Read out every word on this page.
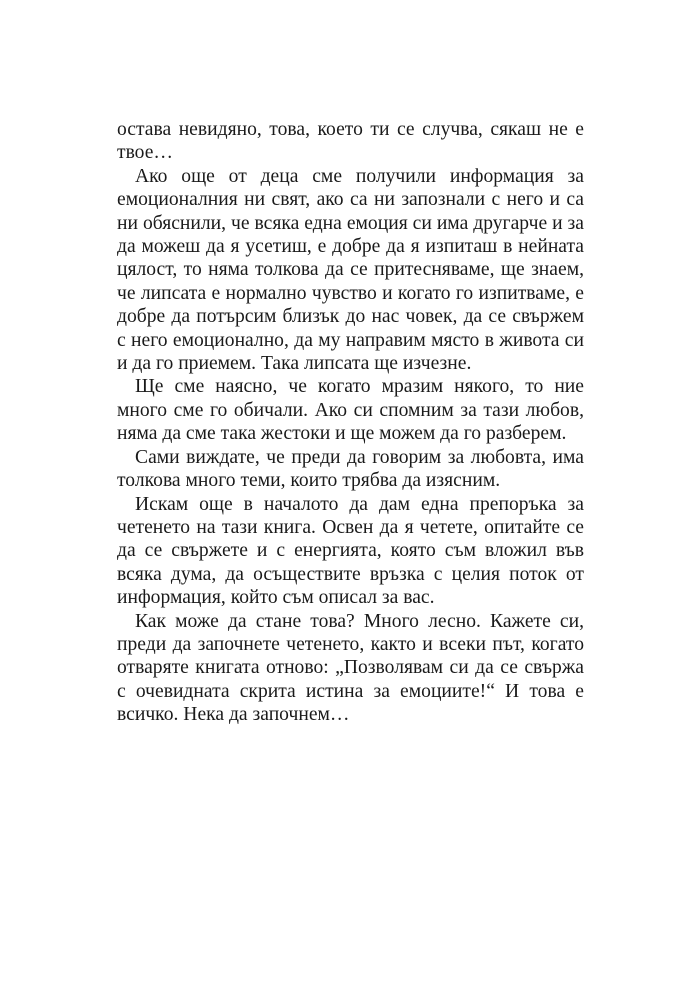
остава невидяно, това, което ти се случва, сякаш не е твое…

Ако още от деца сме получили информация за емоционалния ни свят, ако са ни запознали с него и са ни обяснили, че всяка една емоция си има другарче и за да можеш да я усетиш, е добре да я изпиташ в нейната цялост, то няма толкова да се притесняваме, ще знаем, че липсата е нормално чувство и когато го изпитваме, е добре да потърсим близък до нас човек, да се свържем с него емоционално, да му направим място в живота си и да го приемем. Така липсата ще изчезне.

Ще сме наясно, че когато мразим някого, то ние много сме го обичали. Ако си спомним за тази любов, няма да сме така жестоки и ще можем да го разберем.

Сами виждате, че преди да говорим за любовта, има толкова много теми, които трябва да изясним.

Искам още в началото да дам една препоръка за четенето на тази книга. Освен да я четете, опитайте се да се свържете и с енергията, която съм вложил във всяка дума, да осъществите връзка с целия поток от информация, който съм описал за вас.

Как може да стане това? Много лесно. Кажете си, преди да започнете четенето, както и всеки път, когато отваряте книгата отново: „Позволявам си да се свържа с очевидната скрита истина за емоциите!“ И това е всичко. Нека да започнем…
